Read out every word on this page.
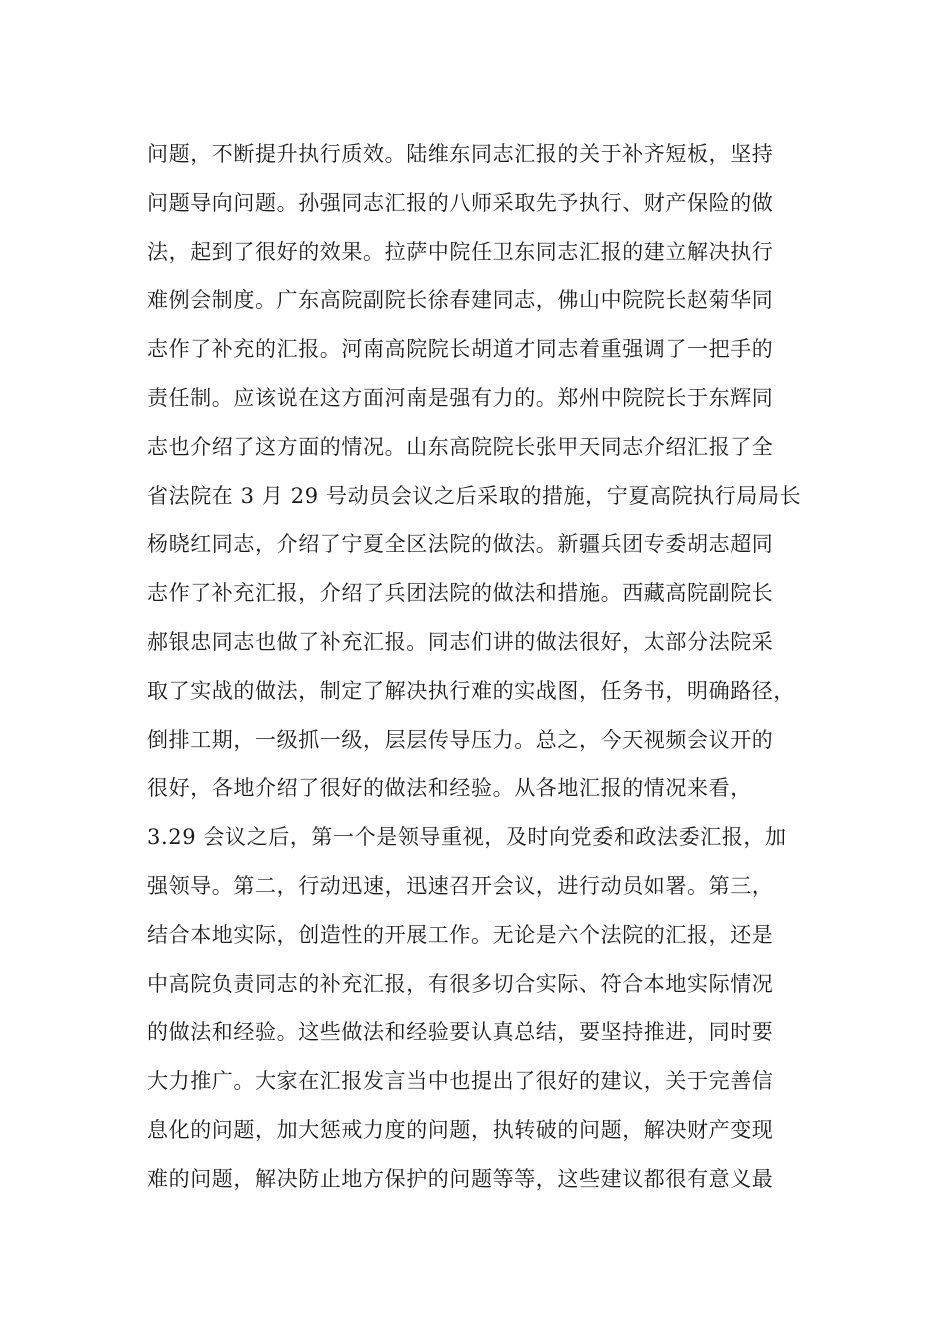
问题，不断提升执行质效。陆维东同志汇报的关于补齐短板，坚持
问题导向问题。孙强同志汇报的八师采取先予执行、财产保险的做
法，起到了很好的效果。拉萨中院任卫东同志汇报的建立解决执行
难例会制度。广东高院副院长徐春建同志，佛山中院院长赵菊华同
志作了补充的汇报。河南高院院长胡道才同志着重强调了一把手的
责任制。应该说在这方面河南是强有力的。郑州中院院长于东辉同
志也介绍了这方面的情况。山东高院院长张甲天同志介绍汇报了全
省法院在 3 月 29 号动员会议之后采取的措施，宁夏高院执行局局长
杨晓红同志，介绍了宁夏全区法院的做法。新疆兵团专委胡志超同
志作了补充汇报，介绍了兵团法院的做法和措施。西藏高院副院长
郝银忠同志也做了补充汇报。同志们讲的做法很好，太部分法院采
取了实战的做法，制定了解决执行难的实战图，任务书，明确路径，
倒排工期，一级抓一级，层层传导压力。总之，今天视频会议开的
很好，各地介绍了很好的做法和经验。从各地汇报的情况来看，
3.29 会议之后，第一个是领导重视，及时向党委和政法委汇报，加
强领导。第二，行动迅速，迅速召开会议，进行动员如署。第三，
结合本地实际，创造性的开展工作。无论是六个法院的汇报，还是
中高院负责同志的补充汇报，有很多切合实际、符合本地实际情况
的做法和经验。这些做法和经验要认真总结，要坚持推进，同时要
大力推广。大家在汇报发言当中也提出了很好的建议，关于完善信
息化的问题，加大惩戒力度的问题，执转破的问题，解决财产变现
难的问题，解决防止地方保护的问题等等，这些建议都很有意义最
